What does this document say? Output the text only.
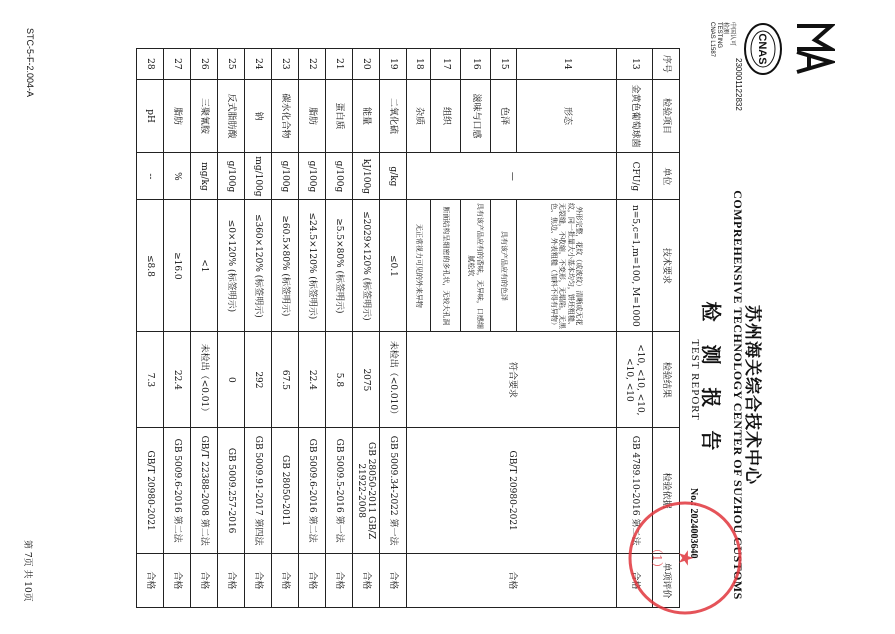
230001122832
CNAS
中国认可
检测
TESTING
CNAS L1587
苏州海关综合技术中心
COMPREHENSIVE TECHNOLOGY CENTER OF SUZHOU CUSTOMS
检 测 报 告
TEST REPORT
No.: 2024003640
序号	检验项目	单位	技术要求	检验结果	检验依据	单项评价
13	金黄色葡萄球菌	CFU/g	n=5,c=1,m=100, M=1000	<10, <10, <10, <10, <10	GB 4789.10-2016 第二法	合格
14	形态	—	外形完整，花纹（或波纹）清晰或无花纹，同一批量大小基本均匀，饼坯粗糙、无裂缝，不收缩，不变形，无塌陷，无黑色、焦边、外表粗糙（加料不得有异物）	符合要求	GB/T 20980-2021	合格
15	色泽		具有该产品应有的色泽			
16	滋味与口感		具有该产品应有的香味，无异味，口感细腻松软			
17	组织		断面结构呈细密的多孔状，无较大孔洞			
18	杂质		无正常视力可见的外来异物			
19	二氧化硫	g/kg	≤0.1	未检出（<0.010）	GB 5009.34-2022 第一法	合格
20	能量	kJ/100g	≤2029×120% (标签明示)	2075	GB 28050-2011 GB/Z 21922-2008	合格
21	蛋白质	g/100g	≥5.5×80% (标签明示)	5.8	GB 5009.5-2016 第一法	合格
22	脂肪	g/100g	≤24.5×120% (标签明示)	22.4	GB 5009.6-2016 第二法	合格
23	碳水化合物	g/100g	≥60.5×80% (标签明示)	67.5	GB 28050-2011	合格
24	钠	mg/100g	≤360×120% (标签明示)	292	GB 5009.91-2017 第四法	合格
25	反式脂肪酸	g/100g	≤0×120% (标签明示)	0	GB 5009.257-2016	合格
26	三聚氰胺	mg/kg	<1	未检出（<0.01）	GB/T 22388-2008 第二法	合格
27	脂肪	%	≥16.0	22.4	GB 5009.6-2016 第二法	合格
28	pH	--	≤8.8	7.3	GB/T 20980-2021	合格
★
（1）
STC-5-F-2.004-A
第 7页 共 10页
